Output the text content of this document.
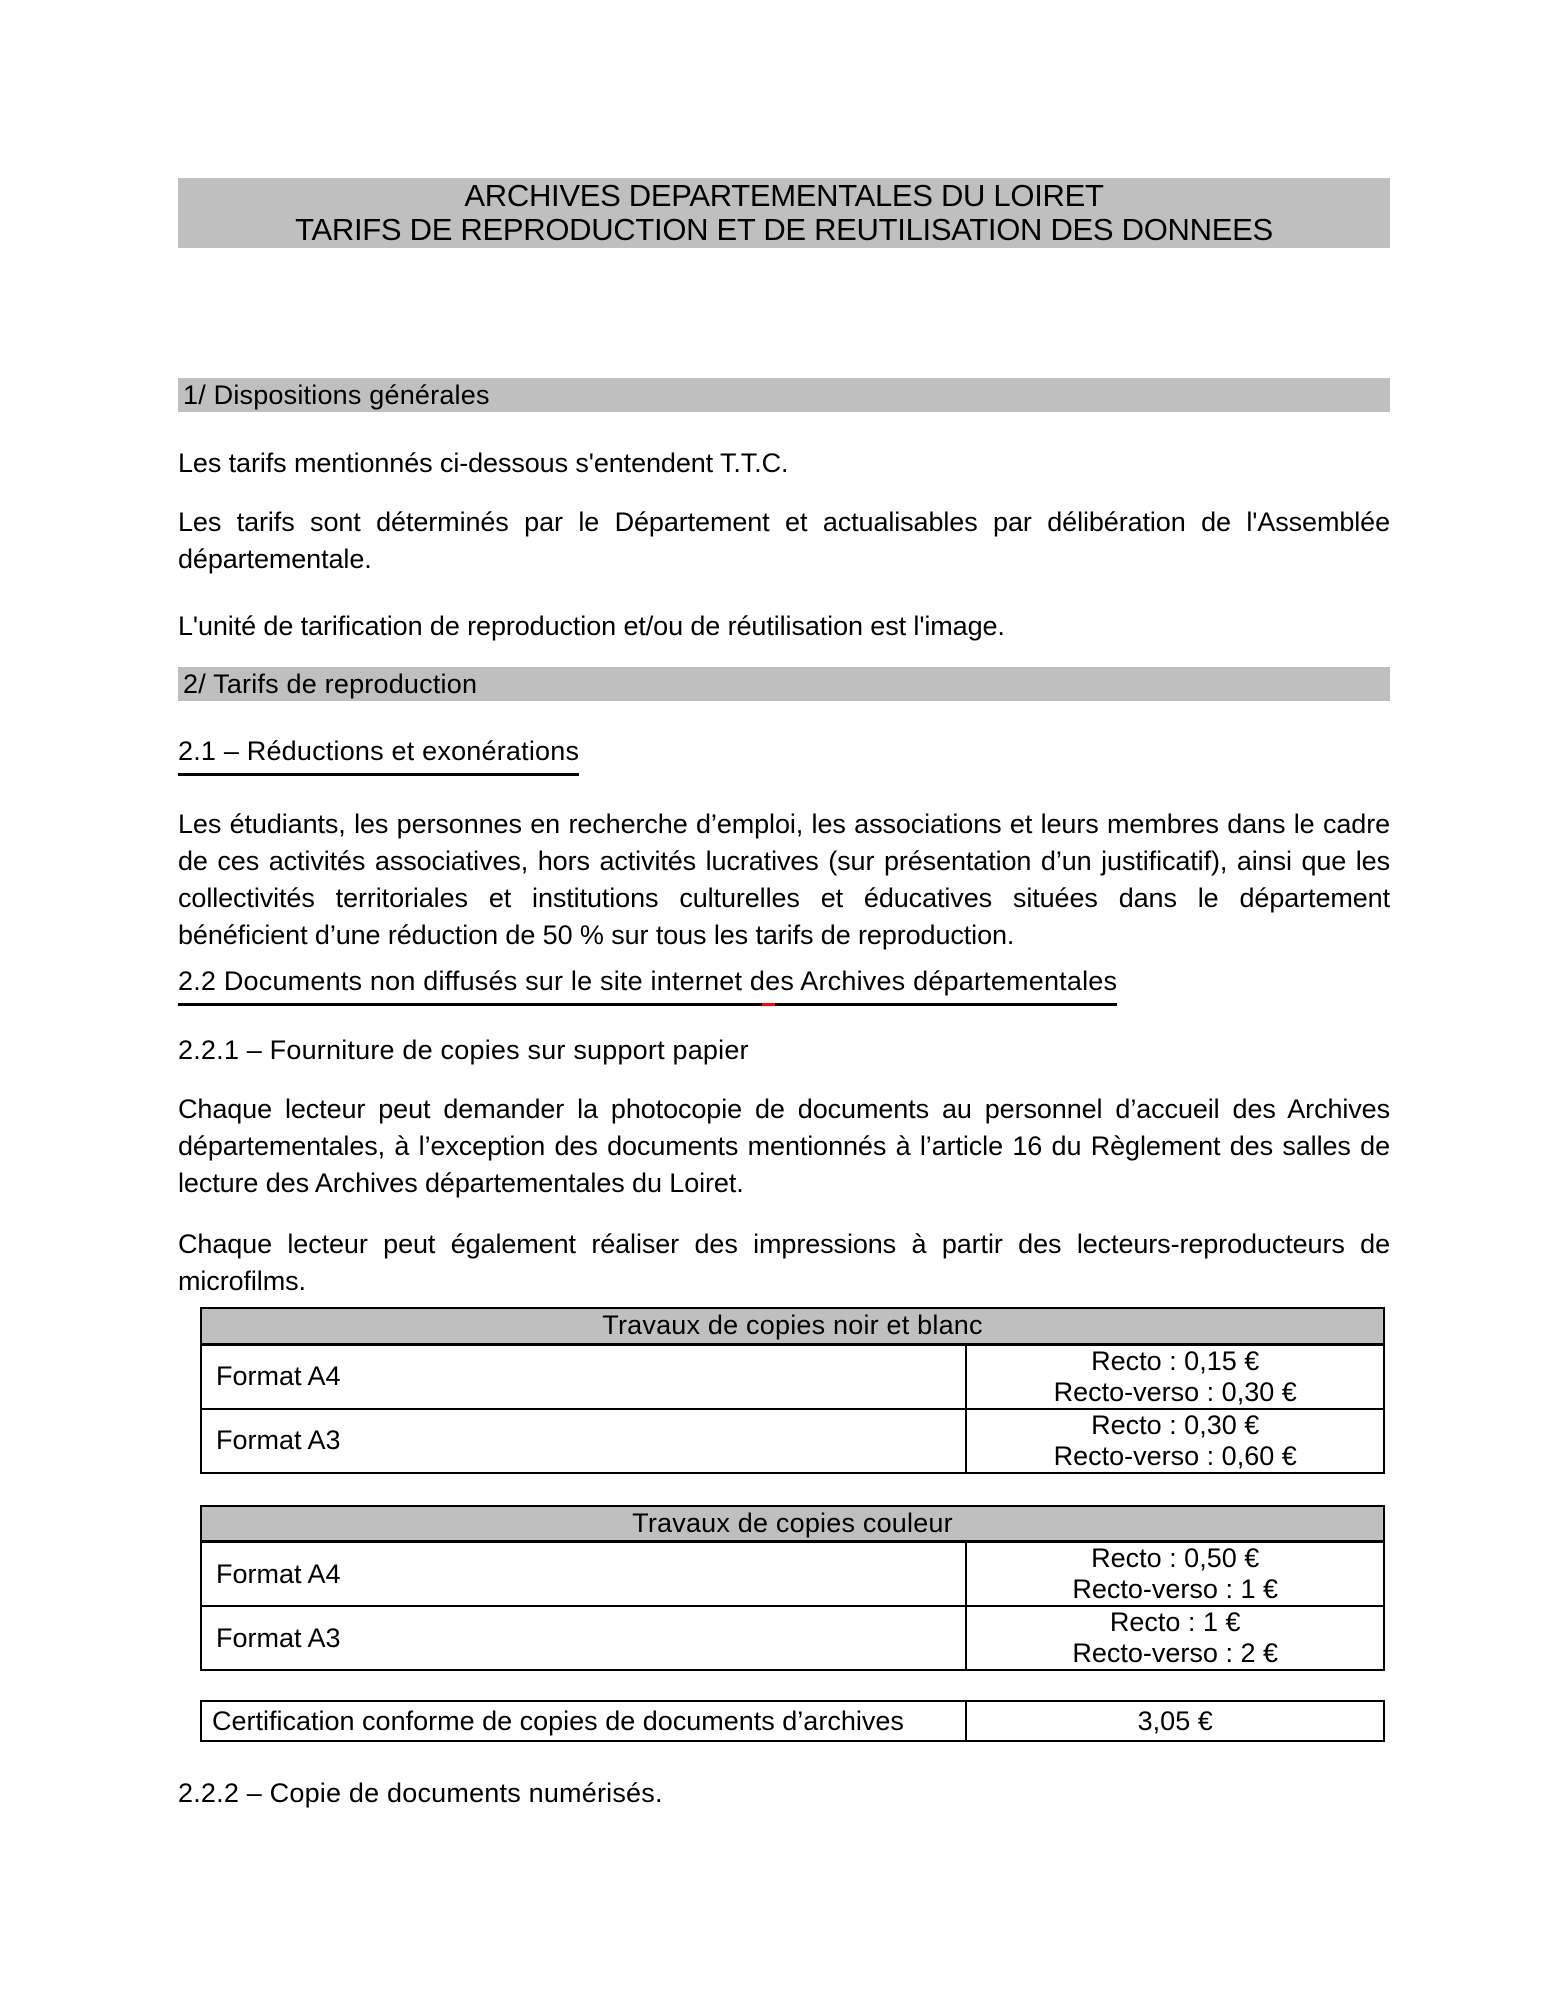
ARCHIVES DEPARTEMENTALES DU LOIRET
TARIFS DE REPRODUCTION ET DE REUTILISATION DES DONNEES
1/ Dispositions générales

Les tarifs mentionnés ci-dessous s'entendent T.T.C.

Les tarifs sont déterminés par le Département et actualisables par délibération de l'Assemblée départementale.

L'unité de tarification de reproduction et/ou de réutilisation est l'image.

2/ Tarifs de reproduction
2.1 – Réductions et exonérations

Les étudiants, les personnes en recherche d’emploi, les associations et leurs membres dans le cadre de ces activités associatives, hors activités lucratives (sur présentation d’un justificatif), ainsi que les collectivités territoriales et institutions culturelles et éducatives situées dans le département bénéficient d’une réduction de 50 % sur tous les tarifs de reproduction.

2.2 Documents non diffusés sur le site internet des Archives départementales
2.2.1 – Fourniture de copies sur support papier

Chaque lecteur peut demander la photocopie de documents au personnel d’accueil des Archives départementales, à l’exception des documents mentionnés à l’article 16 du Règlement des salles de lecture des Archives départementales du Loiret.

Chaque lecteur peut également réaliser des impressions à partir des lecteurs-reproducteurs de microfilms.

Travaux de copies noir et blanc	
Format A4	Recto : 0,15 €
Recto-verso : 0,30 €

Format A3	Recto : 0,30 €
Recto-verso : 0,60 €
Travaux de copies couleur	
Format A4	Recto : 0,50 €
Recto-verso : 1 €

Format A3	Recto : 1 €
Recto-verso : 2 €
Certification conforme de copies de documents d’archives	3,05 €
2.2.2 – Copie de documents numérisés.
